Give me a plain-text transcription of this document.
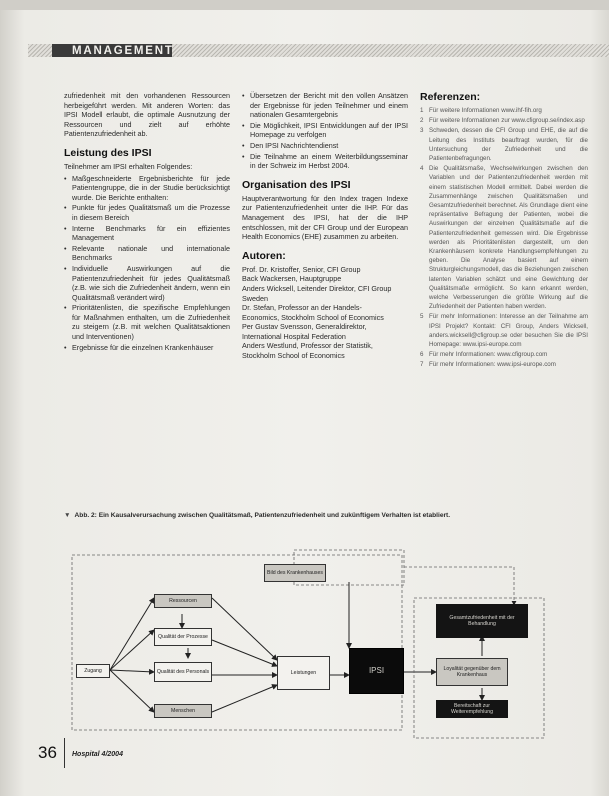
MANAGEMENT

zufriedenheit mit den vorhandenen Ressourcen herbeigeführt werden. Mit anderen Worten: das IPSI Modell erlaubt, die optimale Ausnutzung der Ressourcen und zielt auf erhöhte Patientenzufriedenheit ab.

Leistung des IPSI

Teilnehmer am IPSI erhalten Folgendes:

• Maßgeschneiderte Ergebnisberichte für jede Patientengruppe, die in der Studie berücksichtigt wurde. Die Berichte enthalten:
• Punkte für jedes Qualitätsmaß um die Prozesse in diesem Bereich
• Interne Benchmarks für ein effizientes Management
• Relevante nationale und internationale Benchmarks
• Individuelle Auswirkungen auf die Patientenzufriedenheit für jedes Qualitätsmaß (z.B. wie sich die Zufriedenheit ändern, wenn ein Qualitätsmaß verändert wird)
• Prioritätenlisten, die spezifische Empfehlungen für Maßnahmen enthalten, um die Zufriedenheit zu steigern (z.B. mit welchen Qualitätsaktionen und Interventionen)
• Ergebnisse für die einzelnen Krankenhäuser
• Übersetzen der Bericht mit den vollen Ansätzen der Ergebnisse für jeden Teilnehmer und einem nationalen Gesamtergebnis
• Die Möglichkeit, IPSI Entwicklungen auf der IPSI Homepage zu verfolgen
• Den IPSI Nachrichtendienst
• Die Teilnahme an einem Weiterbildungsseminar in der Schweiz im Herbst 2004.
Organisation des IPSI

Hauptverantwortung für den Index tragen Indexe zur Patientenzufriedenheit unter die IHP. Für das Management des IPSI, hat der die IHP entschlossen, mit der CFI Group und der European Health Economics (EHE) zusammen zu arbeiten.

Autoren:

Prof. Dr. Kristoffer, Senior, CFI Group

Back Wackersen, Hauptgruppe

Anders Wicksell, Leitender Direktor, CFI Group

Sweden

Dr. Stefan, Professor an der Handels-

Economics, Stockholm School of Economics

Per Gustav Svensson, Generaldirektor,

International Hospital Federation

Anders Westlund, Professor der Statistik,

Stockholm School of Economics

Referenzen:
1 Für weitere Informationen www.ihf-fih.org
2 Für weitere Informationen zur www.cfigroup.se/index.asp
3 Schweden, dessen die CFI Group und EHE, die auf die Leitung des Instituts beauftragt wurden, für die Untersuchung der Zufriedenheit und die Patientenbefragungen.
4 Die Qualitätsmaße, Wechselwirkungen zwischen den Variablen und der Patientenzufriedenheit werden mit einem statistischen Modell ermittelt. Dabei werden die Zusammenhänge zwischen Qualitätsmaßen und Gesamtzufriedenheit berechnet. Als Grundlage dient eine repräsentative Befragung der Patienten, wobei die Auswirkungen der einzelnen Qualitätsmaße auf die Patientenzufriedenheit gemessen wird. Die Ergebnisse werden als Prioritätenlisten dargestellt, um den Krankenhäusern konkrete Handlungsempfehlungen zu geben. Die Analyse basiert auf einem Strukturgleichungsmodell, das die Beziehungen zwischen latenten Variablen schätzt und eine Gewichtung der Qualitätsmaße ermöglicht. So kann erkannt werden, welche Verbesserungen die größte Wirkung auf die Zufriedenheit der Patienten haben werden.
5 Für mehr Informationen: Interesse an der Teilnahme am IPSI Projekt? Kontakt: CFI Group, Anders Wicksell, anders.wicksell@cfigroup.se oder besuchen Sie die IPSI Homepage: www.ipsi-europe.com
6 Für mehr Informationen: www.cfigroup.com
7 Für mehr Informationen: www.ipsi-europe.com
▼ Abb. 2: Ein Kausalverursachung zwischen Qualitätsmaß, Patientenzufriedenheit und zukünftigem Verhalten ist etabliert.
Bild des Krankenhauses
Ressourcen
Qualität der Prozesse
Qualität des Personals
Menschen
Zugang	Leistungen	IPSI
Gesamtzufriedenheit mit der Behandlung
Loyalität gegenüber dem Krankenhaus
Bereitschaft zur Weiterempfehlung
36 Hospital 4/2004
